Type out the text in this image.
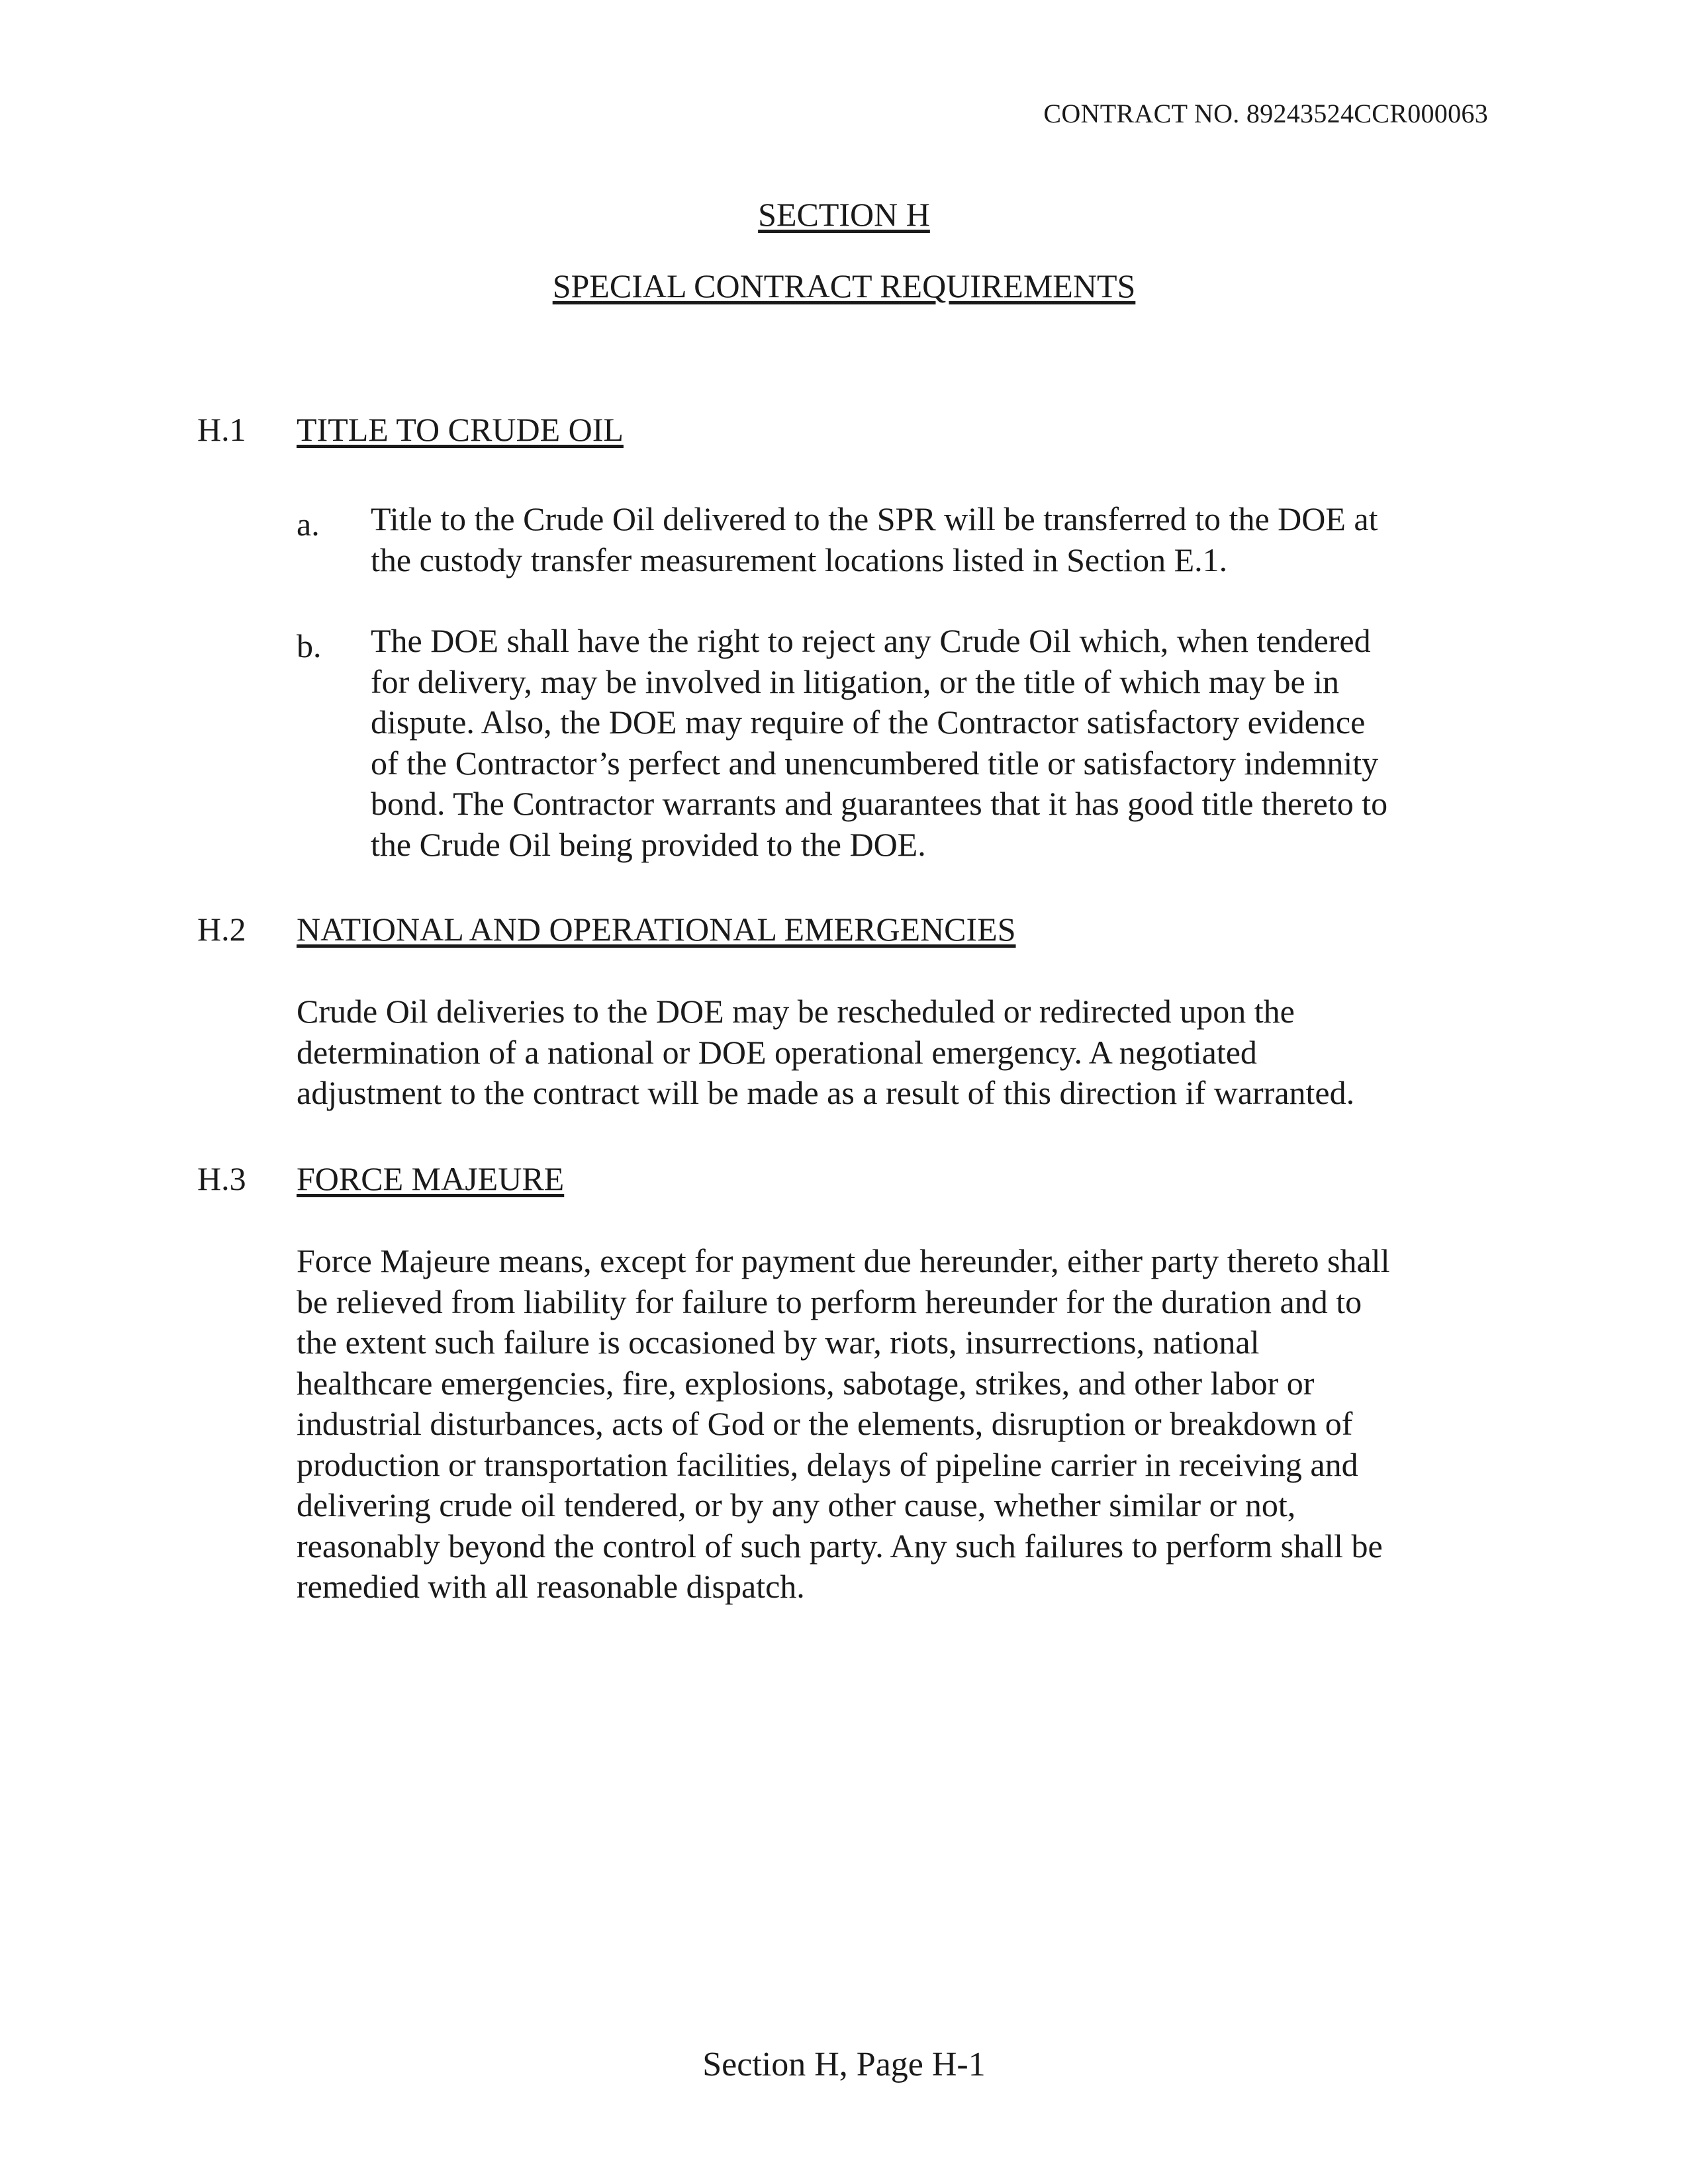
CONTRACT NO. 89243524CCR000063
SECTION H
SPECIAL CONTRACT REQUIREMENTS
H.1 TITLE TO CRUDE OIL
a. Title to the Crude Oil delivered to the SPR will be transferred to the DOE at
the custody transfer measurement locations listed in Section E.1.
b. The DOE shall have the right to reject any Crude Oil which, when tendered
for delivery, may be involved in litigation, or the title of which may be in
dispute. Also, the DOE may require of the Contractor satisfactory evidence
of the Contractor’s perfect and unencumbered title or satisfactory indemnity
bond. The Contractor warrants and guarantees that it has good title thereto to
the Crude Oil being provided to the DOE.
H.2 NATIONAL AND OPERATIONAL EMERGENCIES
Crude Oil deliveries to the DOE may be rescheduled or redirected upon the
determination of a national or DOE operational emergency. A negotiated
adjustment to the contract will be made as a result of this direction if warranted.
H.3 FORCE MAJEURE
Force Majeure means, except for payment due hereunder, either party thereto shall
be relieved from liability for failure to perform hereunder for the duration and to
the extent such failure is occasioned by war, riots, insurrections, national
healthcare emergencies, fire, explosions, sabotage, strikes, and other labor or
industrial disturbances, acts of God or the elements, disruption or breakdown of
production or transportation facilities, delays of pipeline carrier in receiving and
delivering crude oil tendered, or by any other cause, whether similar or not,
reasonably beyond the control of such party. Any such failures to perform shall be
remedied with all reasonable dispatch.
Section H, Page H-1
